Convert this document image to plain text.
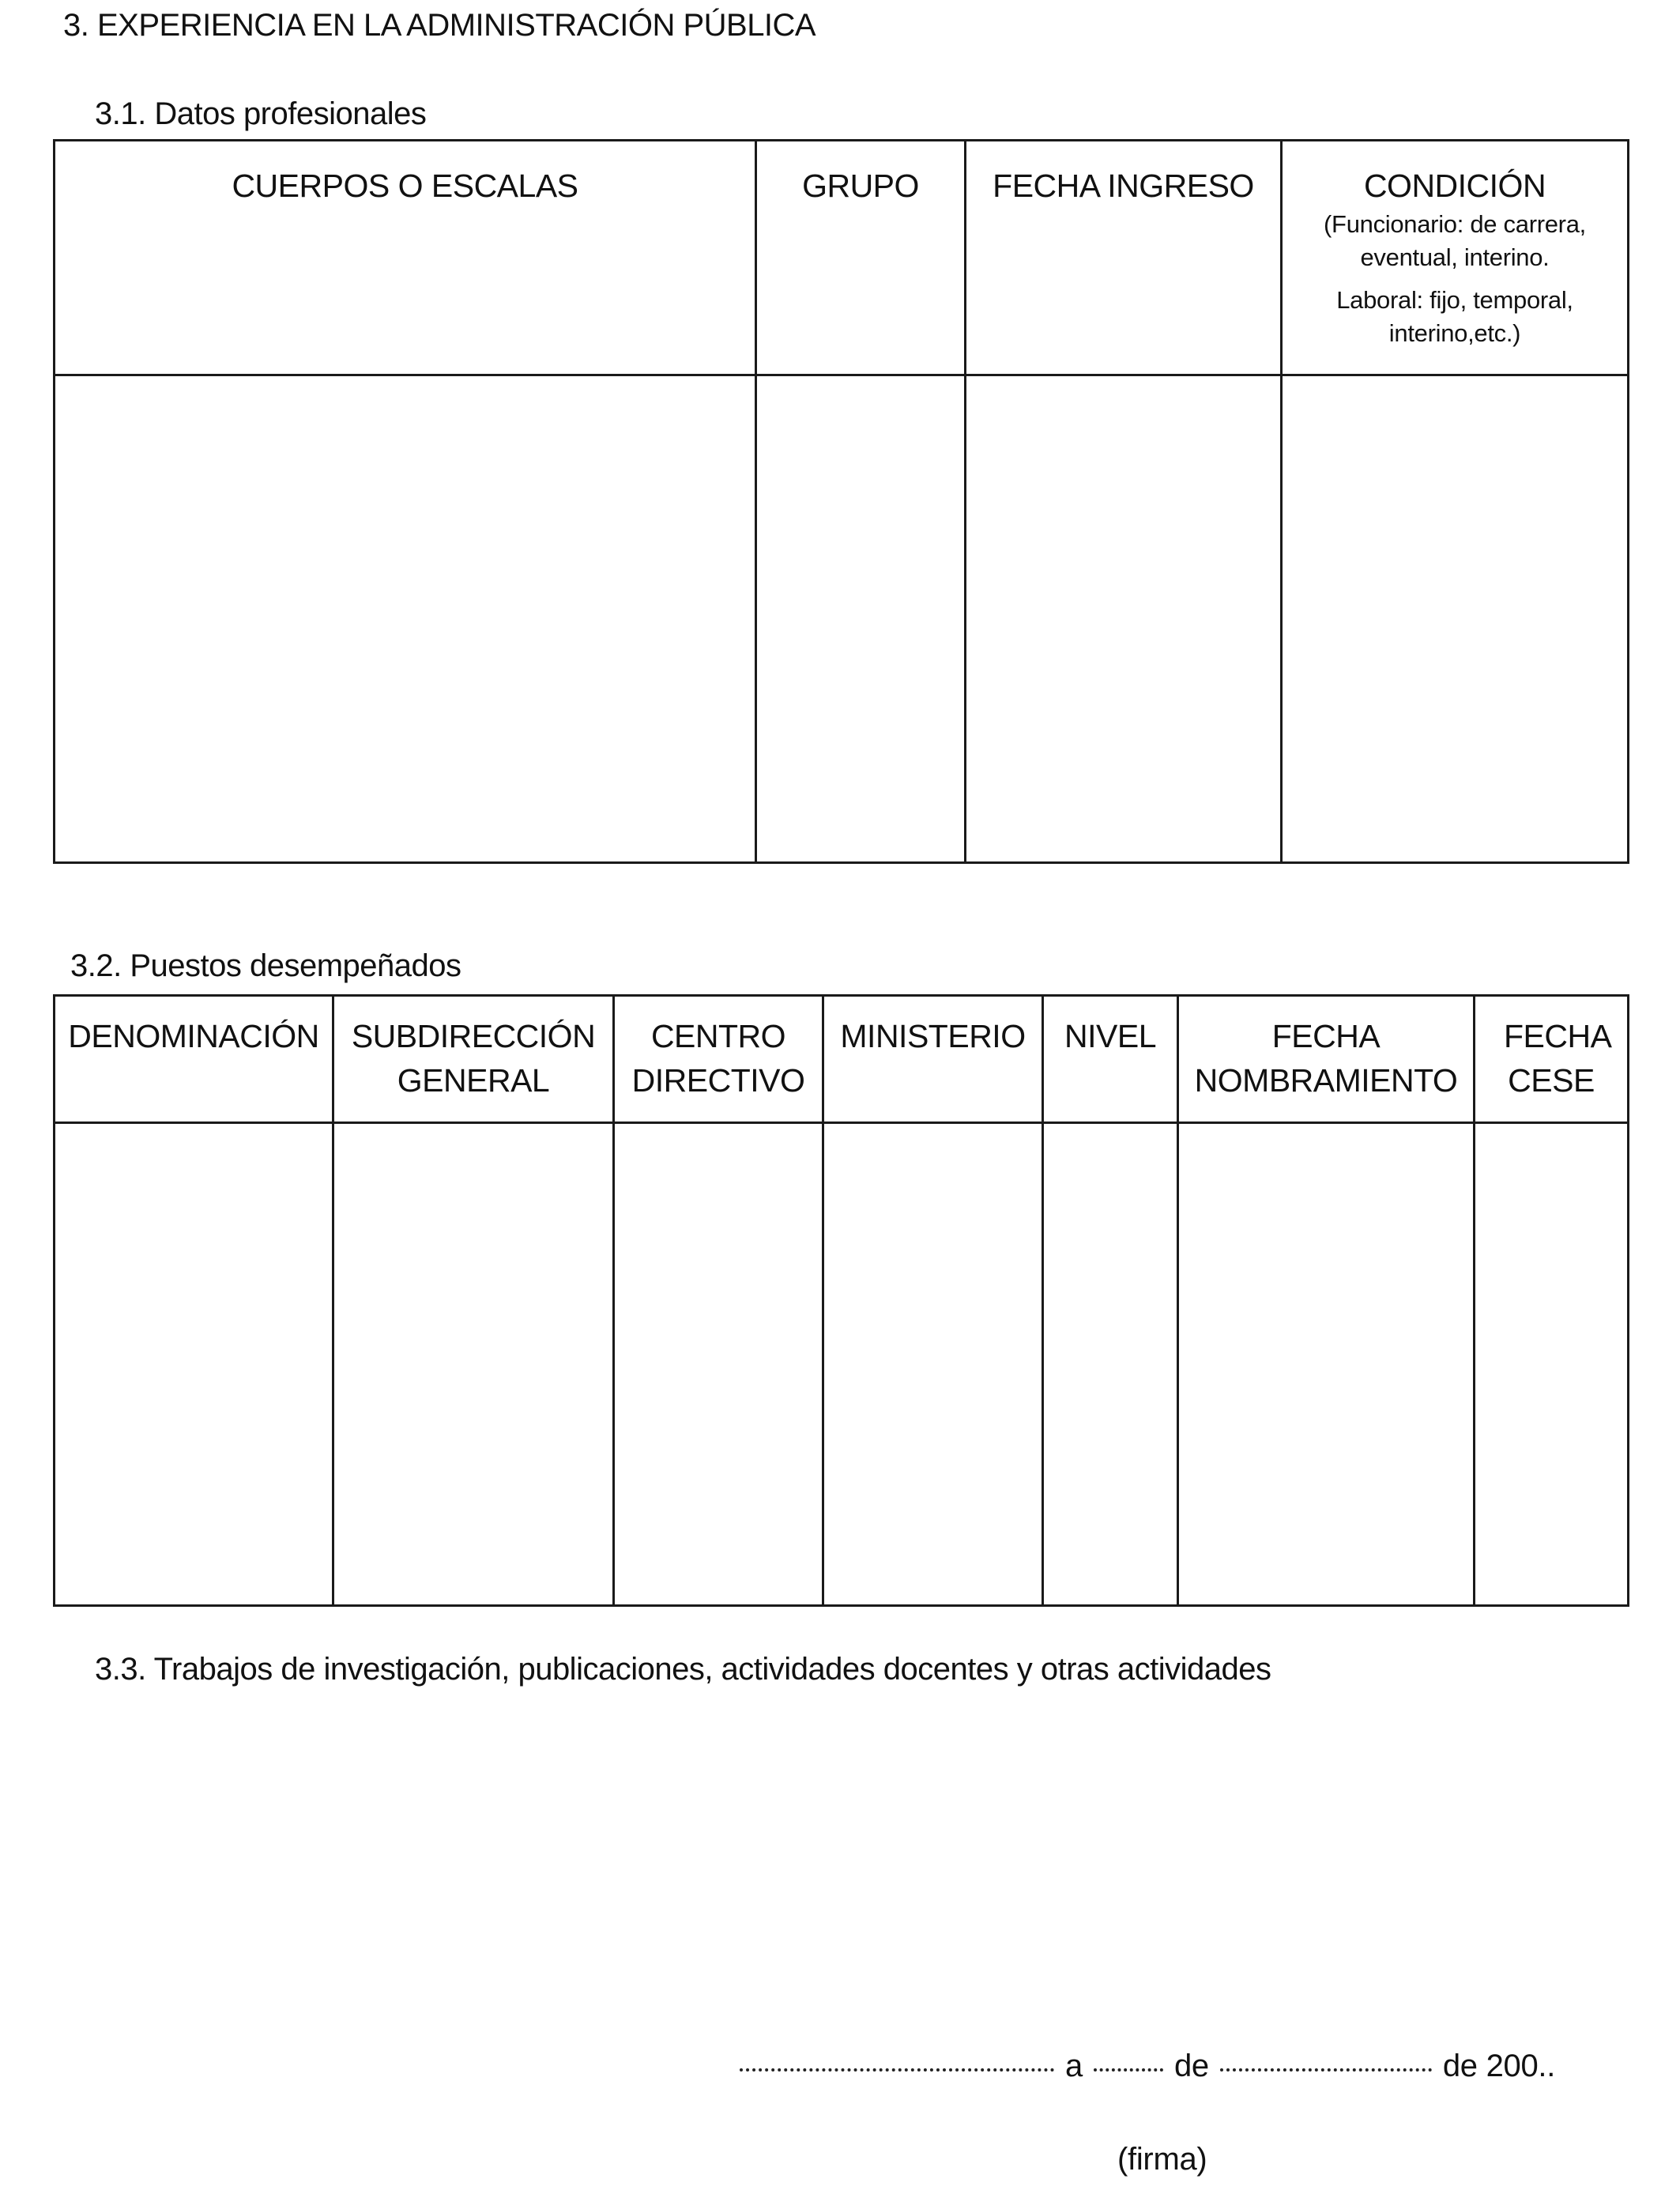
3. EXPERIENCIA EN LA ADMINISTRACIÓN PÚBLICA
3.1. Datos profesionales
CUERPOS O ESCALAS	GRUPO	FECHA INGRESO	CONDICIÓN
(Funcionario: de carrera, eventual, interino.
Laboral: fijo, temporal, interino,etc.)

3.2. Puestos desempeñados
DENOMINACIÓN	SUBDIRECCIÓN GENERAL	CENTRO DIRECTIVO	MINISTERIO	NIVEL	FECHA NOMBRAMIENTO	FECHA CESE

3.3. Trabajos de investigación, publicaciones, actividades docentes y otras actividades
a	de	de 200..
(firma)
